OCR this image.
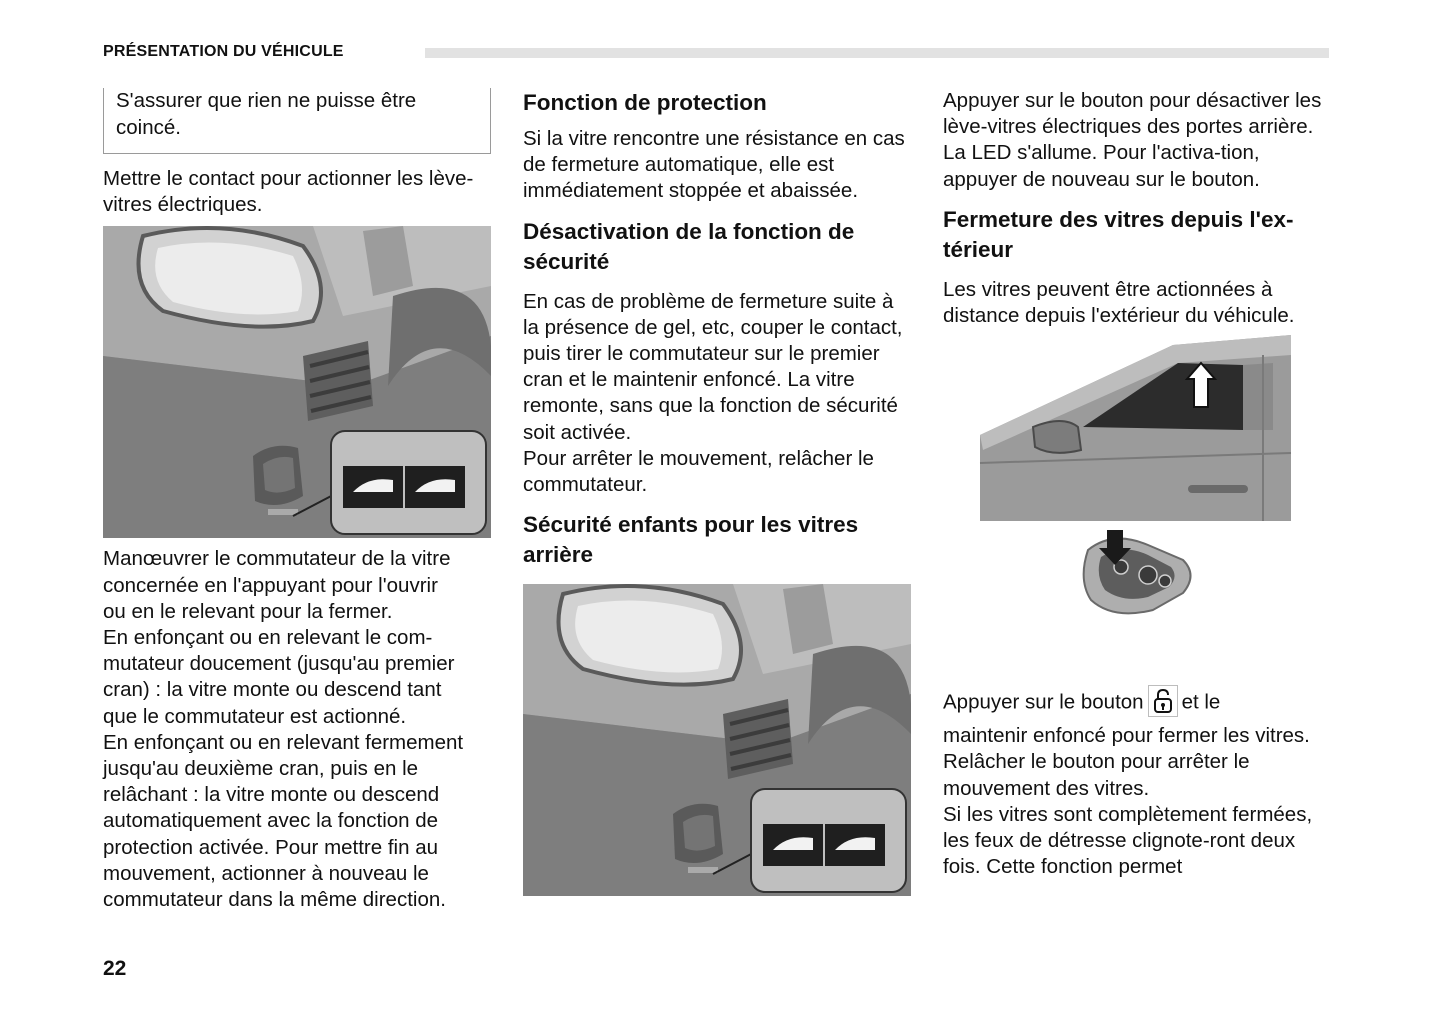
PRÉSENTATION DU VÉHICULE

S'assurer que rien ne puisse être coincé.

Mettre le contact pour actionner les lève-vitres électriques.

Manœuvrer le commutateur de la vitre
concernée en l'appuyant pour l'ouvrir
ou en le relevant pour la fermer.
En enfonçant ou en relevant le com-
mutateur doucement (jusqu'au premier
cran) : la vitre monte ou descend tant
que le commutateur est actionné.
En enfonçant ou en relevant fermement
jusqu'au deuxième cran, puis en le
relâchant : la vitre monte ou descend
automatiquement avec la fonction de
protection activée. Pour mettre fin au
mouvement, actionner à nouveau le
commutateur dans la même direction.

Fonction de protection

Si la vitre rencontre une résistance en cas de fermeture automatique, elle est immédiatement stoppée et abaissée.

Désactivation de la fonction de sécurité

En cas de problème de fermeture suite à la présence de gel, etc, couper le contact, puis tirer le commutateur sur le premier cran et le maintenir enfoncé. La vitre remonte, sans que la fonction de sécurité soit activée.

Pour arrêter le mouvement, relâcher le commutateur.

Sécurité enfants pour les vitres arrière

Appuyer sur le bouton pour désactiver les lève-vitres électriques des portes arrière. La LED s'allume. Pour l'activa-tion, appuyer de nouveau sur le bouton.

Fermeture des vitres depuis l'ex-térieur

Les vitres peuvent être actionnées à distance depuis l'extérieur du véhicule.

Appuyer sur le bouton et le

maintenir enfoncé pour fermer les vitres.

Relâcher le bouton pour arrêter le mouvement des vitres.

Si les vitres sont complètement fermées, les feux de détresse clignote-ront deux fois. Cette fonction permet

22
